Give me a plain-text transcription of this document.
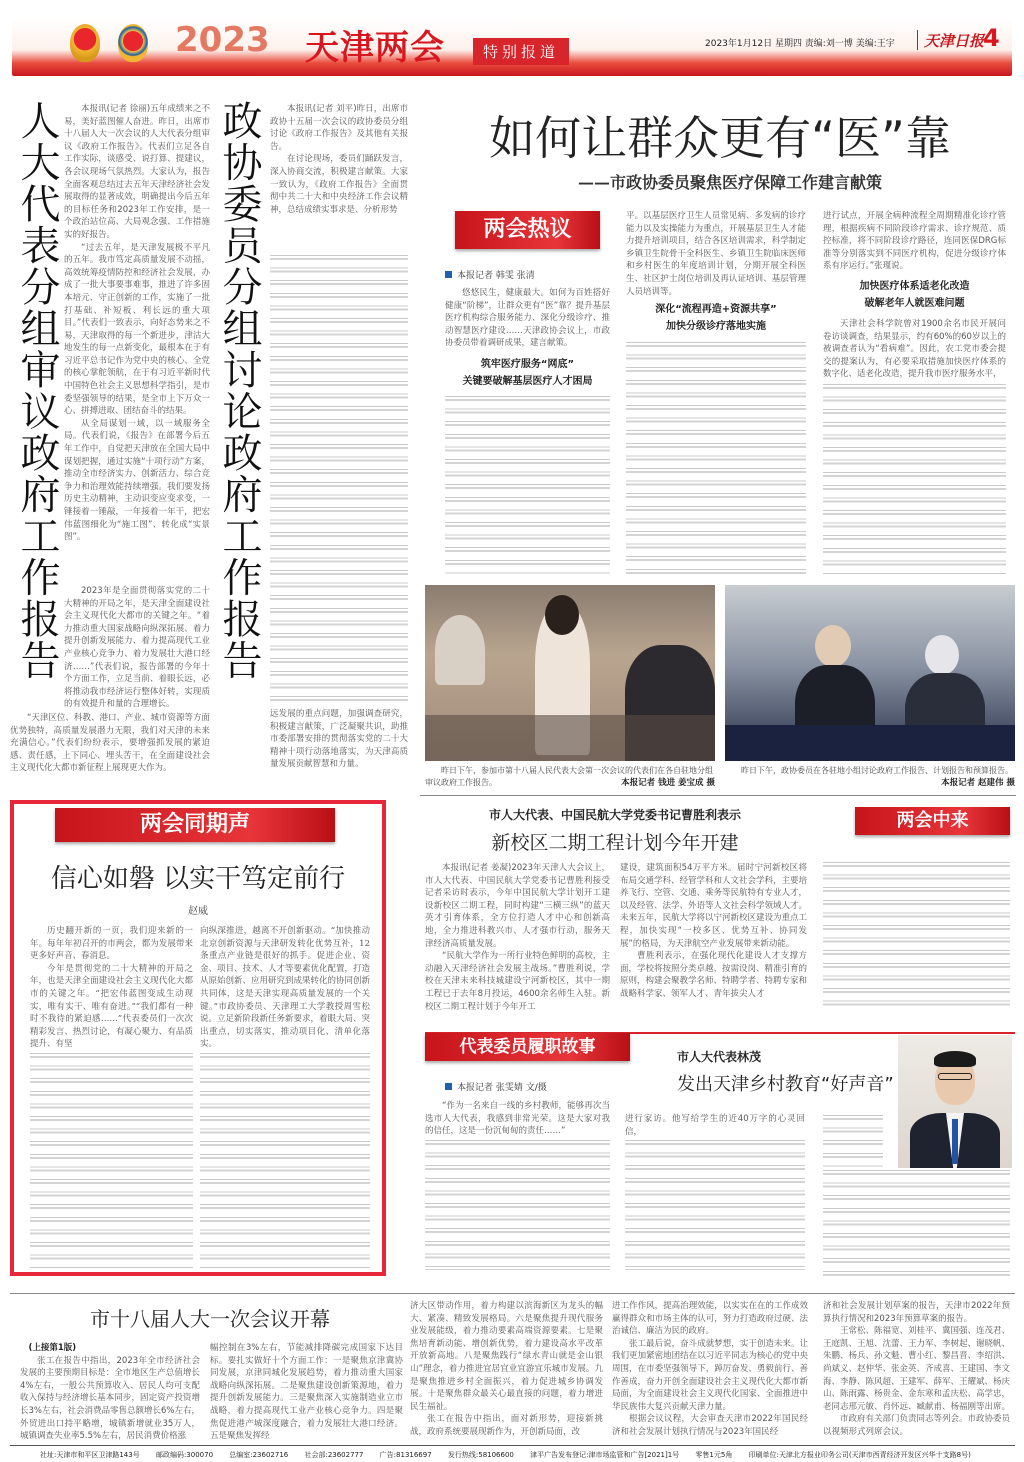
2023 天津两会	特别报道	2023年1月12日 星期四 责编:刘一博 美编:王宇 天津日报
4
人大代表分组审议政府工作报告	本报讯(记者 徐丽)五年成绩来之不易，美好蓝图催人奋进。昨日，出席市十八届人大一次会议的人大代表分组审议《政府工作报告》。代表们立足各自工作实际，谈感受、说打算、提建议，各会议现场气氛热烈。大家认为，报告全面客观总结过去五年天津经济社会发展取得的显著成效，明确提出今后五年的目标任务和2023年工作安排，是一个政治站位高、大局观念强、工作措施实的好报告。

“过去五年，是天津发展极不平凡的五年。我市笃定高质量发展不动摇，高效统筹疫情防控和经济社会发展，办成了一批大事要事难事，推进了许多固本培元、守正创新的工作，实施了一批打基础、补短板、利长远的重大项目。”代表们一致表示，向好态势来之不易，天津取得的每一个新进步，津沽大地发生的每一点新变化，最根本在于有习近平总书记作为党中央的核心、全党的核心掌舵领航，在于有习近平新时代中国特色社会主义思想科学指引，是市委坚强领导的结果，是全市上下万众一心、拼搏进取、团结奋斗的结果。

从全局谋划一域，以一域服务全局。代表们说，《报告》在部署今后五年工作中，自觉把天津放在全国大局中谋划把握，通过实施“十项行动”方案，推动全市经济实力、创新活力、综合竞争力和治理效能持续增强。我们要发扬历史主动精神，主动识变应变求变，一锤接着一锤敲，一年接着一年干，把宏伟蓝图细化为“施工图”、转化成“实景图”。

2023年是全面贯彻落实党的二十大精神的开局之年，是天津全面建设社会主义现代化大都市的关键之年。“着力推动重大国家战略向纵深拓展、着力提升创新发展能力、着力提高现代工业产业核心竞争力、着力发展壮大港口经济……”代表们说，报告部署的今年十个方面工作，立足当前、着眼长远，必将推动我市经济运行整体好转，实现质的有效提升和量的合理增长。

“天津区位、科教、港口、产业、城市资源等方面优势独特，高质量发展潜力无限，我们对天津的未来充满信心。”代表们纷纷表示，要增强抓发展的紧迫感、责任感，上下同心、埋头苦干，在全面建设社会主义现代化大都市新征程上展现更大作为。

政协委员分组讨论政府工作报告	本报讯(记者 刘平)昨日，出席市政协十五届一次会议的政协委员分组讨论《政府工作报告》及其他有关报告。

在讨论现场，委员们踊跃发言，深入协商交流，积极建言献策。大家一致认为，《政府工作报告》全面贯彻中共二十大和中央经济工作会议精神，总结成绩实事求是、分析形势

远发展的重点问题，加强调查研究，积极建言献策，广泛凝聚共识，助推市委部署安排的贯彻落实党的二十大精神十项行动落地落实，为天津高质量发展贡献智慧和力量。

如何让群众更有“医”靠
——市政协委员聚焦医疗保障工作建言献策
两会热议
本报记者 韩雯 张清

悠悠民生，健康最大。如何为百姓搭好健康“阶梯”，让群众更有“医”靠？提升基层医疗机构综合服务能力、深化分级诊疗、推动智慧医疗建设……天津政协会议上，市政协委员带着调研成果，建言献策。

筑牢医疗服务“网底”
关键要破解基层医疗人才困局

平。以基层医疗卫生人员常见病、多发病的诊疗能力以及实操能力为重点，开展基层卫生人才能力提升培训项目，结合各区培训需求，科学制定乡镇卫生院骨干全科医生、乡镇卫生院临床医师和乡村医生的年度培训计划，分期开展全科医生、社区护士岗位培训及再认证培训、基层管理人员培训等。

深化“流程再造+资源共享”
加快分级诊疗落地实施

进行试点，开展全病种流程全周期精准化诊疗管理，根据疾病不同阶段诊疗需求、诊疗规范、质控标准，将不同阶段诊疗路径，连同医保DRG标准等分别落实到不同医疗机构，促进分级诊疗体系有序运行。”张瑾说。

加快医疗体系适老化改造
破解老年人就医难问题

天津社会科学院曾对1900余名市民开展问卷访谈调查，结果显示，约有60%的60岁以上的被调查者认为“看病难”。因此，农工党市委会提交的提案认为，有必要采取措施加快医疗体系的数字化、适老化改造，提升我市医疗服务水平，

昨日下午，参加市第十八届人民代表大会第一次会议的代表们在各自驻地分组审议政府工作报告。	本报记者 钱进 姜宝成 摄
昨日下午，政协委员在各驻地小组讨论政府工作报告、计划报告和预算报告。
本报记者 赵建伟 摄
两会同期声
信心如磐 以实干笃定前行
赵威

历史翻开新的一页，我们迎来新的一年。每年年初召开的市两会，都为发展带来更多好声音、春消息。

今年是贯彻党的二十大精神的开局之年，也是天津全面建设社会主义现代化大都市的关键之年。“把宏伟蓝图变成生动现实，唯有实干、唯有奋进。”“我们都有一种时不我待的紧迫感……”代表委员们一次次精彩发言、热烈讨论，有凝心聚力、有品质提升、有坚

向纵深推进，越离不开创新驱动。“加快推动北京创新资源与天津研发转化优势互补，12条重点产业链是很好的抓手。促进企业、资金、项目、技术、人才等要素优化配置，打造从原始创新、应用研究到成果转化的协同创新共同体，这是天津实现高质量发展的一个关键。”市政协委员、天津理工大学教授周雪松说。立足新阶段新任务新要求，着眼大局、突出重点，切实落实，推动项目化、清单化落实。

市人大代表、中国民航大学党委书记曹胜利表示
新校区二期工程计划今年开建

本报讯(记者 姜凝)2023年天津人大会议上，市人大代表、中国民航大学党委书记曹胜利接受记者采访时表示，今年中国民航大学计划开工建设新校区二期工程，同时构建“三横三纵”的蓝天英才引育体系，全方位打造人才中心和创新高地，全力推进科教兴市、人才强市行动，服务天津经济高质量发展。

“民航大学作为一所行业特色鲜明的高校，主动融入天津经济社会发展主战场。”曹胜利说，学校在天津未来科技城建设宁河新校区，其中一期工程已于去年8月投运，4600余名师生入驻。新校区二期工程计划于今年开工

建设，建筑面积54万平方米。届时宁河新校区将布局交通学科、经管学科和人文社会学科，主要培养飞行、空管、交通、乘务等民航特有专业人才，以及经管、法学、外语等人文社会科学领域人才。未来五年，民航大学将以宁河新校区建设为重点工程，加快实现“一校多区、优势互补、协同发展”的格局，为天津航空产业发展带来新动能。

曹胜利表示，在强化现代化建设人才支撑方面，学校将按照分类卓越、按需设岗、精准引育的原则，构建会聚教学名师、特聘学者、特聘专家和战略科学家、领军人才、青年拔尖人才

两会中来
代表委员履职故事	市人大代表林茂
发出天津乡村教育“好声音”
本报记者 张雯婧 文/摄

“作为一名来自一线的乡村教师，能够再次当选市人大代表，我感到非常光荣。这是大家对我的信任，这是一份沉甸甸的责任……”

进行家访。他写给学生的近40万字的心灵回信，

市十八届人大一次会议开幕
(上接第1版)

张工在报告中指出，2023年全市经济社会发展的主要预期目标是：全市地区生产总值增长4%左右，一般公共预算收入、居民人均可支配收入保持与经济增长基本同步，固定资产投资增长3%左右，社会消费品零售总额增长6%左右，外贸进出口持平略增，城镇新增就业35万人，城镇调查失业率5.5%左右，居民消费价格涨

幅控制在3%左右，节能减排降碳完成国家下达目标。要扎实做好十个方面工作：一是聚焦京津冀协同发展，京津同城化发展趋势，着力推动重大国家战略向纵深拓展。二是聚焦建设创新策源地，着力提升创新发展能力。三是聚焦深入实施制造业立市战略，着力提高现代工业产业核心竞争力。四是聚焦促进港产城深度融合，着力发展壮大港口经济。五是聚焦发挥经

济大区带动作用，着力构建以滨海新区为龙头的幅大、紧凑、精致发展格局。六是聚焦提升现代服务业发展能级，着力推动要素高端资源要素。七是聚焦培育新动能、增创新优势，着力建设高水平改革开放新高地。八是聚焦践行“绿水青山就是金山银山”理念，着力推进宜居宜业宜游宜乐城市发展。九是聚焦推进乡村全面振兴，着力促进城乡协调发展。十是聚焦群众最关心最直接的问题，着力增进民生福祉。

张工在报告中指出，面对新形势，迎接新挑战，政府系统要展现新作为，开创新局面，改

进工作作风，提高治理效能，以实实在在的工作成效赢得群众和市场主体的认可，努力打造政府过硬、法治诚信、廉洁为民的政府。

张工最后说，奋斗成就梦想，实干创造未来。让我们更加紧密地团结在以习近平同志为核心的党中央周围，在市委坚强领导下，踔厉奋发、勇毅前行、善作善成，奋力开创全面建设社会主义现代化大都市新局面，为全面建设社会主义现代化国家、全面推进中华民族伟大复兴贡献天津力量。

根据会议议程，大会审查天津市2022年国民经济和社会发展计划执行情况与2023年国民经

济和社会发展计划草案的报告，天津市2022年预算执行情况和2023年预算草案的报告。

王常松、陈福宽、刘桂平、冀国强、连茂君、王庭凯、王旭、沈蕾、王力军、李树起、谢晓帆、朱鹏、杨兵、孙文魁、曹小红、黎昌晋、李绍洪、尚斌义、赵仲华、张金英、齐成喜、王建国、李文海、李静、陈风超、王建军、薛军、王耀斌、杨庆山、陈雨露、杨贵金、金东寒和孟庆松、高学忠，老同志邢元敏、肖怀远、臧献甫、杨福刚等出席。

市政府有关部门负责同志等列会。市政协委员以视频形式列席会议。

社址:天津市和平区卫津路143号 邮政编码:300070 总编室:23602716 社会部:23602777 广告:81316697 发行热线:58106600 津平广告发布登记:津市场监管和广告[2021]1号 零售1元5角 印刷单位:天津北方报业印务公司(天津市西青经济开发区兴华十支路8号)
